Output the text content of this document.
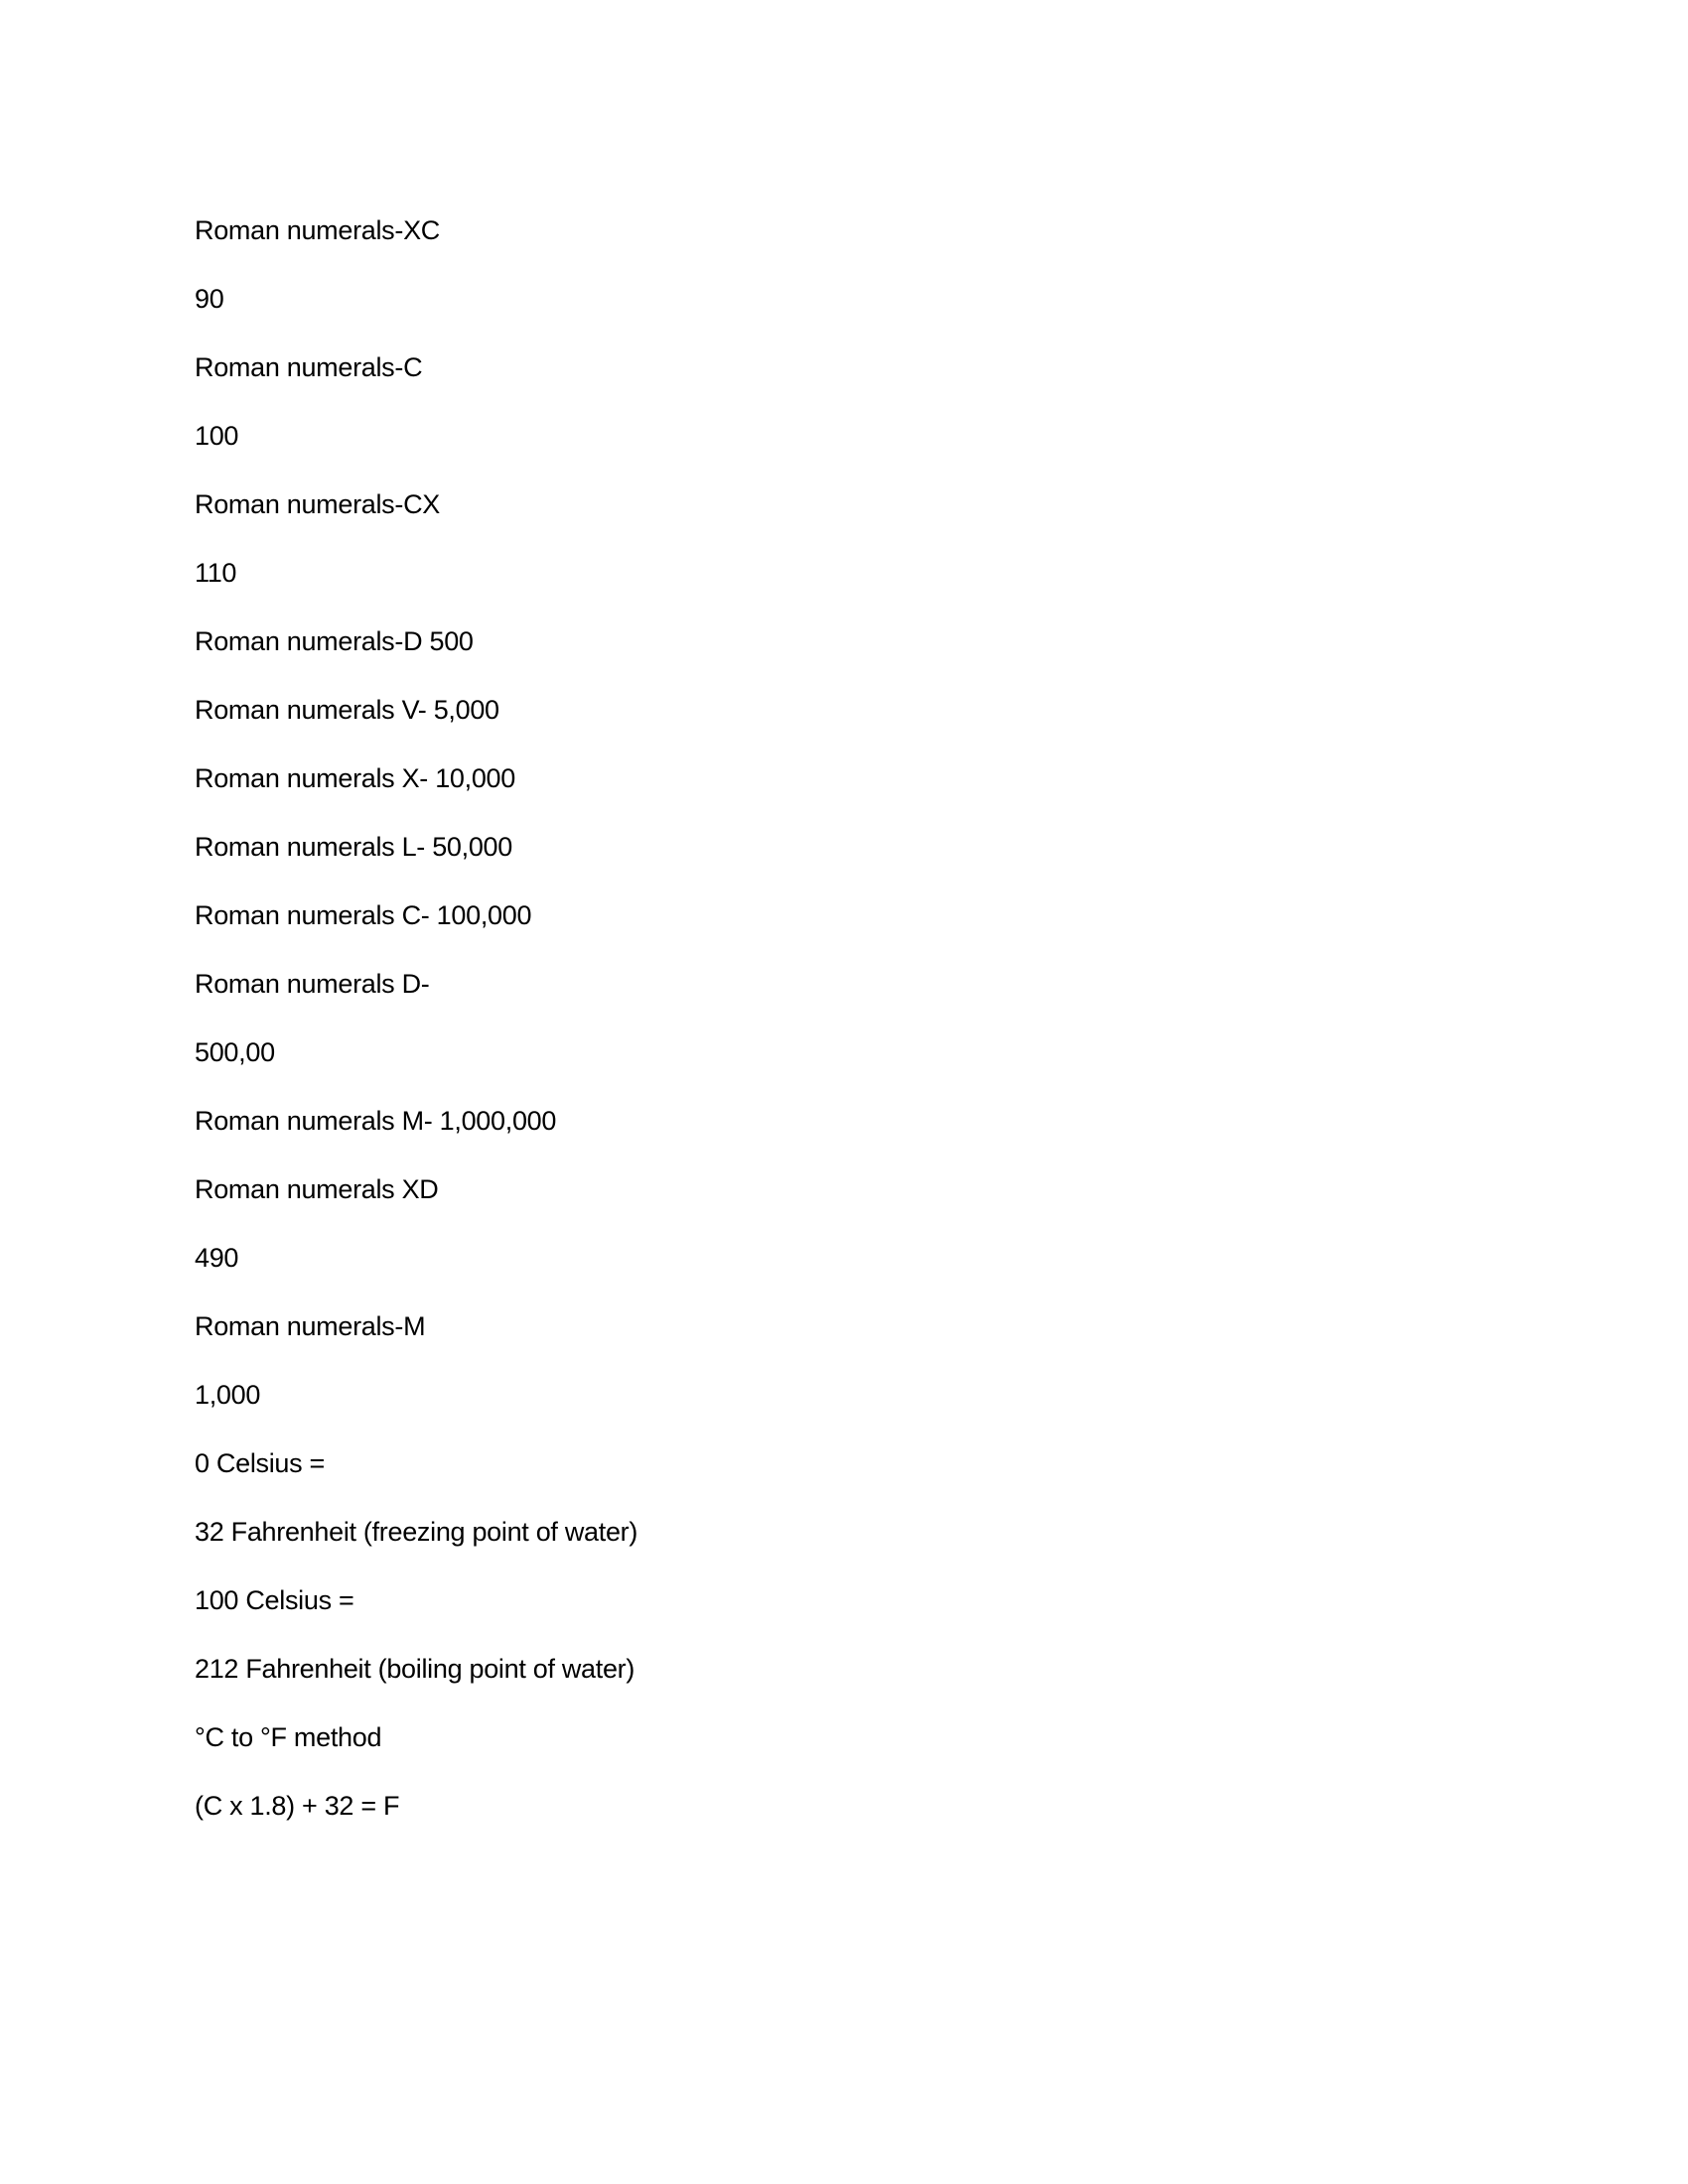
Roman numerals-XC
90
Roman numerals-C
100
Roman numerals-CX
110
Roman numerals-D 500
Roman numerals V- 5,000
Roman numerals X- 10,000
Roman numerals L- 50,000
Roman numerals C- 100,000
Roman numerals D-
500,00
Roman numerals M- 1,000,000
Roman numerals XD
490
Roman numerals-M
1,000
0 Celsius =
32 Fahrenheit (freezing point of water)
100 Celsius =
212 Fahrenheit (boiling point of water)
°C to °F method
(C x 1.8) + 32 = F
